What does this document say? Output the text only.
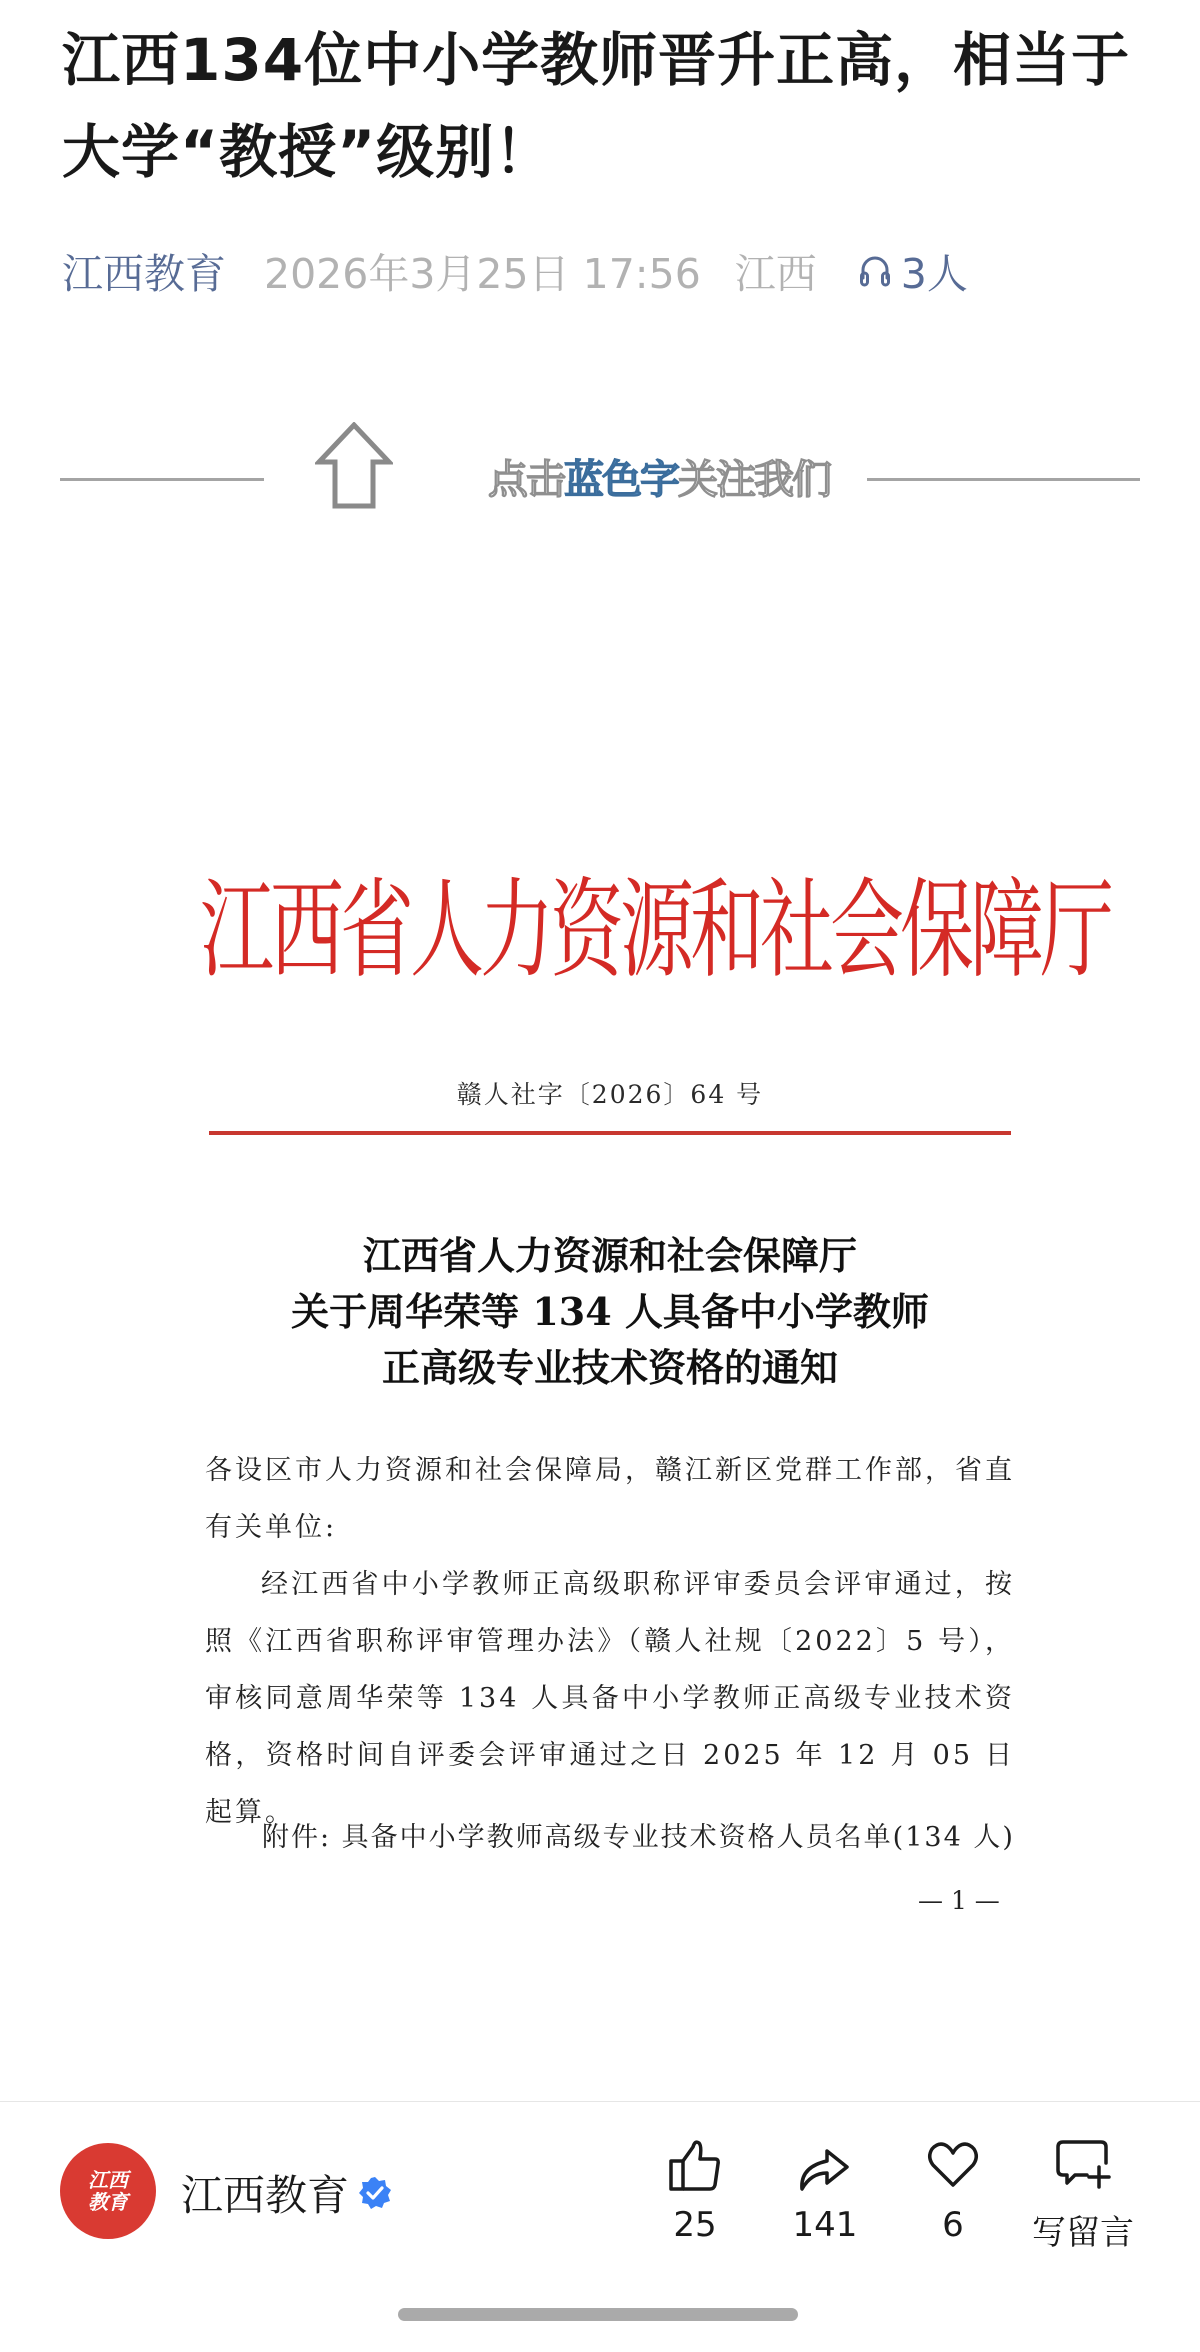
江西134位中小学教师晋升正高，相当于大学“教授”级别！
江西教育 2026年3月25日 17:56 江西 3人
点击蓝色字关注我们
江西省人力资源和社会保障厅
赣人社字〔2026〕64 号
江西省人力资源和社会保障厅
关于周华荣等 134 人具备中小学教师
正高级专业技术资格的通知

各设区市人力资源和社会保障局，赣江新区党群工作部，省直有关单位:

经江西省中小学教师正高级职称评审委员会评审通过，按照《江西省职称评审管理办法》（赣人社规〔2022〕5 号），审核同意周华荣等 134 人具备中小学教师正高级专业技术资格，资格时间自评委会评审通过之日 2025 年 12 月 05 日起算。

附件: 具备中小学教师高级专业技术资格人员名单(134 人)
— 1 —
江西
教育 江西教育
25 141 6 写留言
